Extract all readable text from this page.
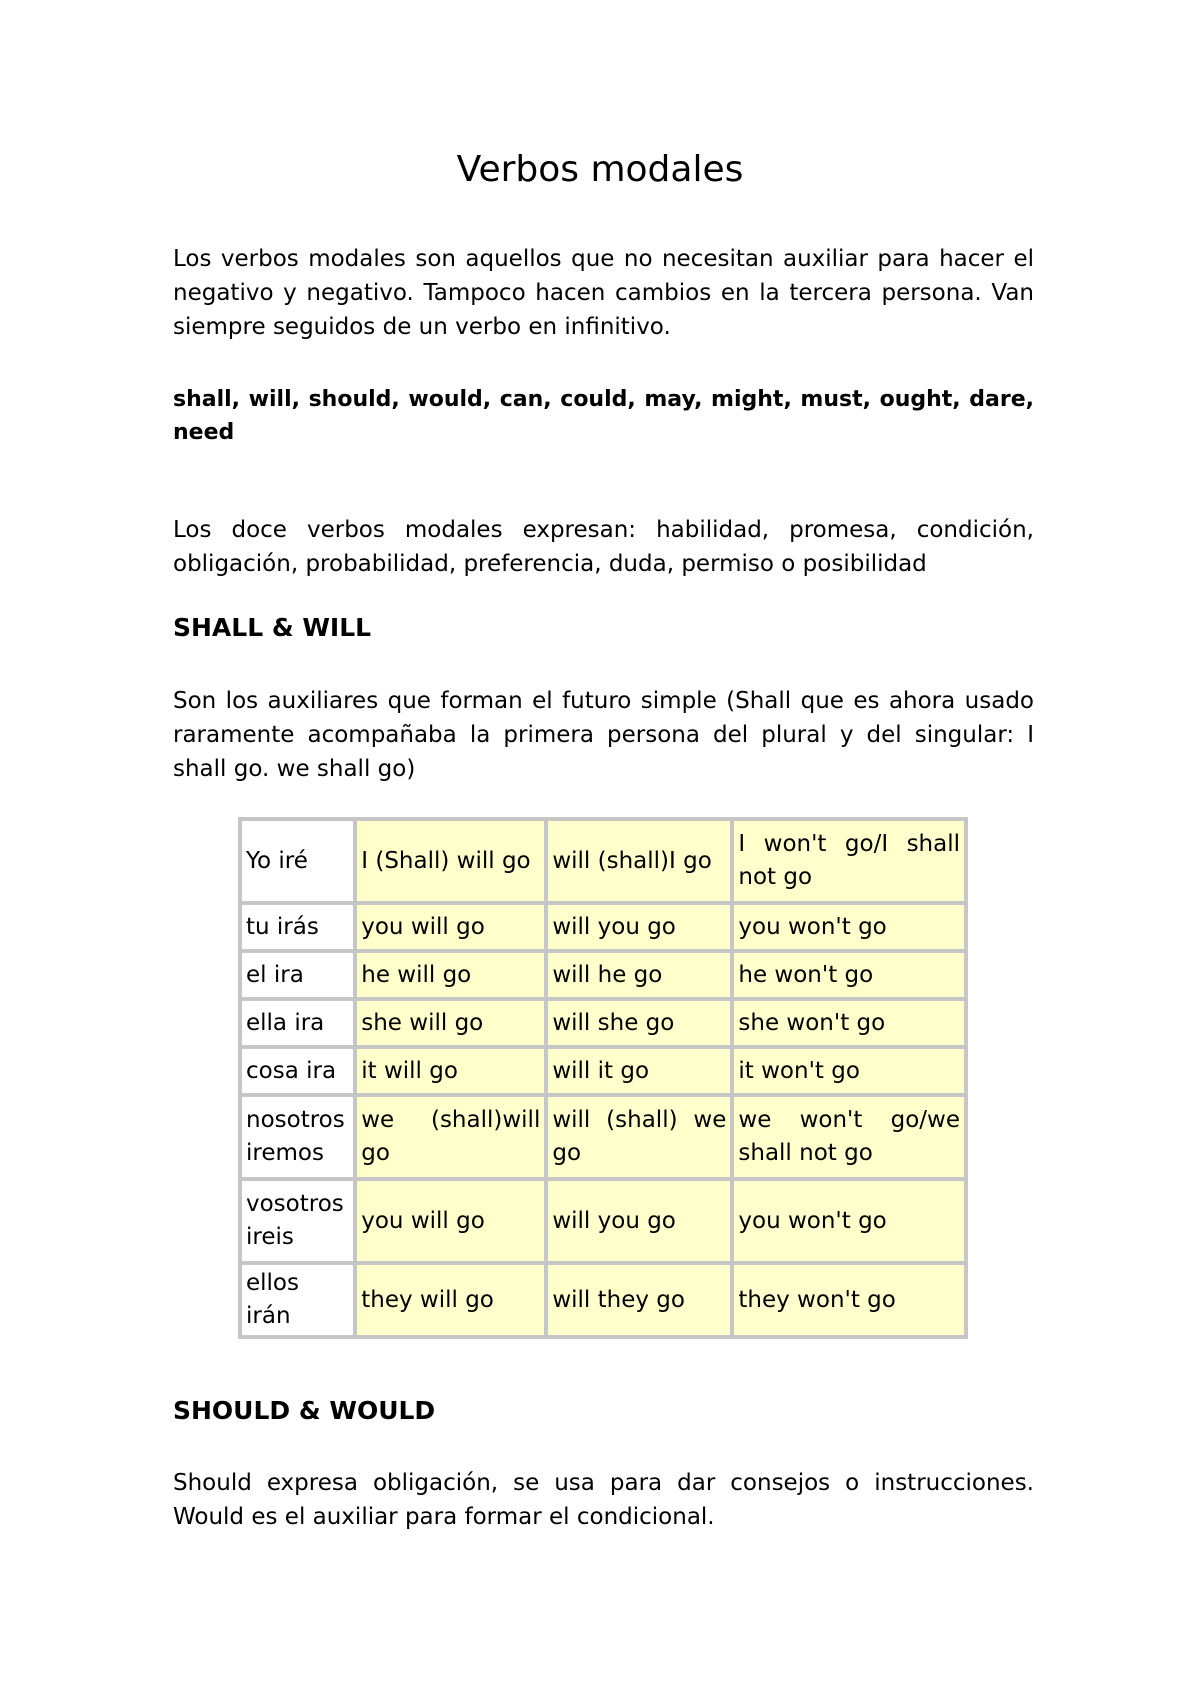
Verbos modales

Los verbos modales son aquellos que no necesitan auxiliar para hacer el negativo y negativo. Tampoco hacen cambios en la tercera persona. Van siempre seguidos de un verbo en infinitivo.

shall, will, should, would, can, could, may, might, must, ought, dare,

need

Los doce verbos modales expresan: habilidad, promesa, condición, obligación, probabilidad, preferencia, duda, permiso o posibilidad

SHALL & WILL

Son los auxiliares que forman el futuro simple (Shall que es ahora usado raramente acompañaba la primera persona del plural y del singular: I shall go. we shall go)

Yo iré	I (Shall) will go	will (shall)I go	I won't go/I shall not go
tu irás	you will go	will you go	you won't go
el ira	he will go	will he go	he won't go
ella ira	she will go	will she go	she won't go
cosa ira	it will go	will it go	it won't go
nosotros iremos	we (shall)will go	will (shall) we go	we won't go/we shall not go
vosotros ireis	you will go	will you go	you won't go
ellos irán	they will go	will they go	they won't go
SHOULD & WOULD

Should expresa obligación, se usa para dar consejos o instrucciones. Would es el auxiliar para formar el condicional.
